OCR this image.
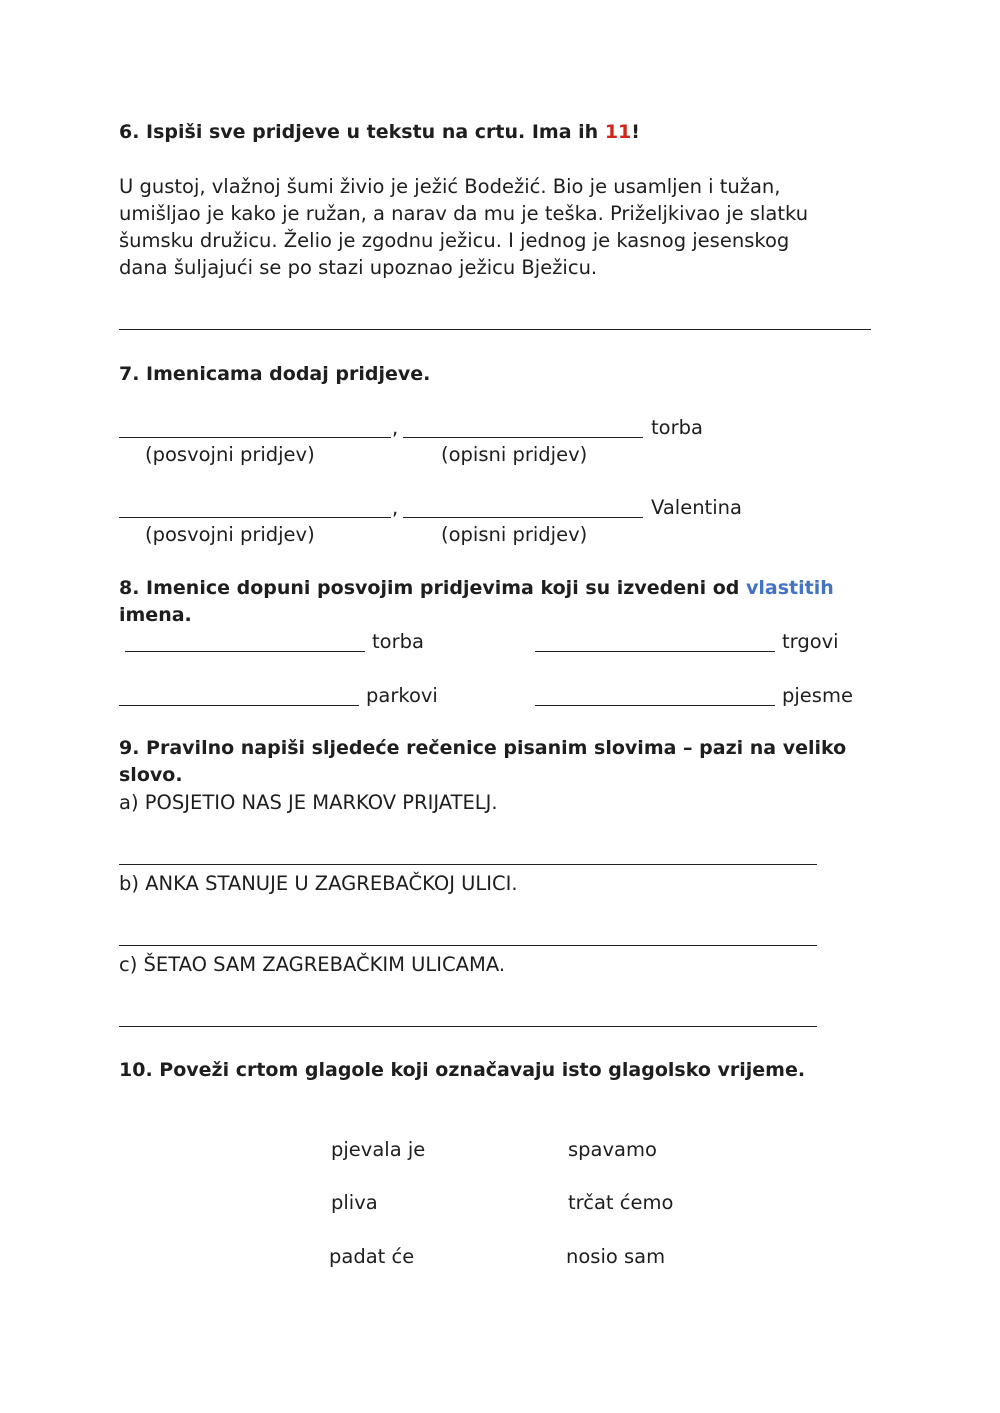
6. Ispiši sve pridjeve u tekstu na crtu. Ima ih 11!
U gustoj, vlažnoj šumi živio je ježić Bodežić. Bio je usamljen i tužan,
umišljao je kako je ružan, a narav da mu je teška. Priželjkivao je slatku
šumsku družicu. Želio je zgodnu ježicu. I jednog je kasnog jesenskog
dana šuljajući se po stazi upoznao ježicu Bježicu.
7. Imenicama dodaj pridjeve.
,	torba
(posvojni pridjev)	(opisni pridjev)
,	Valentina
(posvojni pridjev)	(opisni pridjev)
8. Imenice dopuni posvojim pridjevima koji su izvedeni od vlastitih
imena.
torba	trgovi
parkovi	pjesme
9. Pravilno napiši sljedeće rečenice pisanim slovima – pazi na veliko
slovo.
a) POSJETIO NAS JE MARKOV PRIJATELJ.
b) ANKA STANUJE U ZAGREBAČKOJ ULICI.
c) ŠETAO SAM ZAGREBAČKIM ULICAMA.
10. Poveži crtom glagole koji označavaju isto glagolsko vrijeme.
pjevala je	spavamo
pliva	trčat ćemo
padat će	nosio sam
